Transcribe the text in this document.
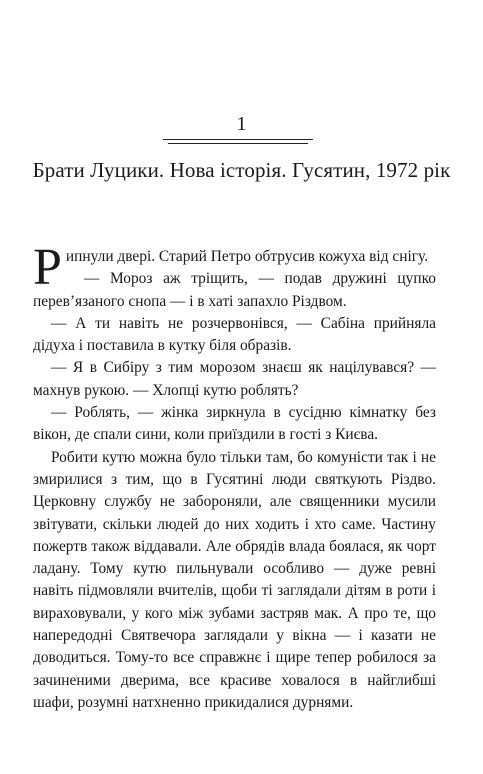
1
Брати Луцики. Нова історія. Гусятин, 1972 рік

Рипнули двері. Старий Петро обтрусив кожуха від снігу.

— Мороз аж тріщить, — подав дружині цупко перев’язаного снопа — і в хаті запахло Різдвом.

— А ти навіть не розчервонівся, — Сабіна прийняла дідуха і поставила в кутку біля образів.

— Я в Сибіру з тим морозом знаєш як націлувався? — махнув рукою. — Хлопці кутю роблять?

— Роблять, — жінка зиркнула в сусідню кімнатку без вікон, де спали сини, коли приїздили в гості з Києва.

Робити кутю можна було тільки там, бо комуністи так і не змирилися з тим, що в Гусятині люди святкують Різдво. Церковну службу не забороняли, але священники мусили звітувати, скільки людей до них ходить і хто саме. Частину пожертв також віддавали. Але обрядів влада боялася, як чорт ладану. Тому кутю пильнували особливо — дуже ревні навіть підмовляли вчителів, щоби ті заглядали дітям в роти і вираховували, у кого між зубами застряв мак. А про те, що напередодні Святвечора заглядали у вікна — і казати не доводиться. Тому-то все справжнє і щире тепер робилося за зачиненими дверима, все красиве ховалося в найглибші шафи, розумні натхненно прикидалися дурнями.
